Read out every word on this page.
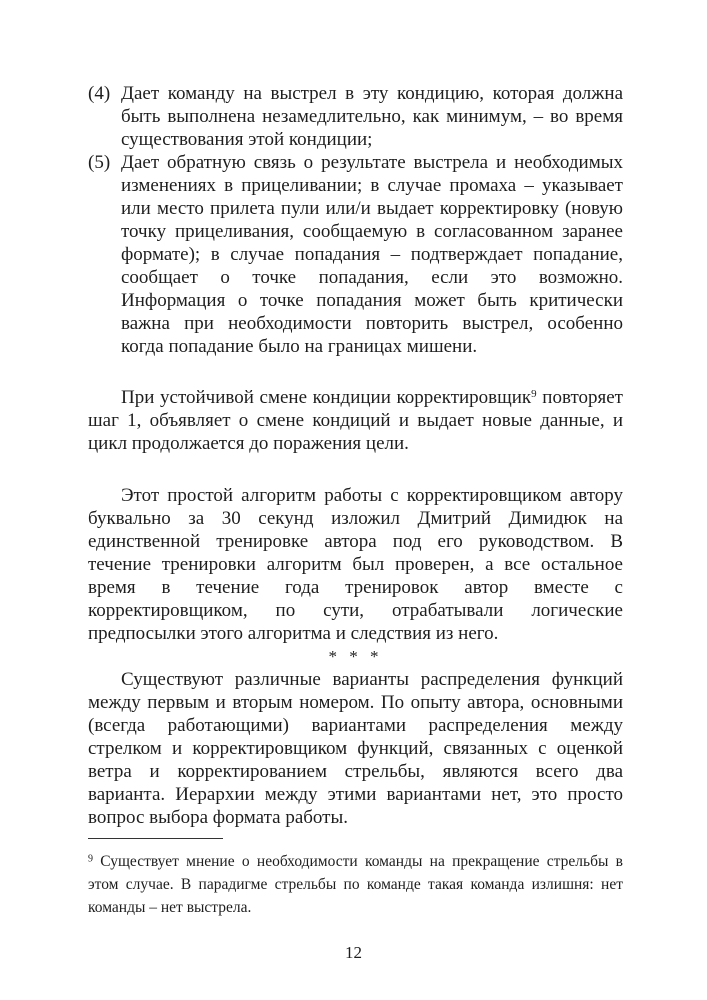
(4) Дает команду на выстрел в эту кондицию, которая должна быть выполнена незамедлительно, как минимум, – во время существования этой кондиции;
(5) Дает обратную связь о результате выстрела и необходимых изменениях в прицеливании; в случае промаха – указывает или место прилета пули или/и выдает корректировку (новую точку прицеливания, сообщаемую в согласованном заранее формате); в случае попадания – подтверждает попадание, сообщает о точке попадания, если это возможно. Информация о точке попадания может быть критически важна при необходимости повторить выстрел, особенно когда попадание было на границах мишени.

При устойчивой смене кондиции корректировщик$^9$ повторяет шаг 1, объявляет о смене кондиций и выдает новые данные, и цикл продолжается до поражения цели.

Этот простой алгоритм работы с корректировщиком автору буквально за 30 секунд изложил Дмитрий Димидюк на единственной тренировке автора под его руководством. В течение тренировки алгоритм был проверен, а все остальное время в течение года тренировок автор вместе с корректировщиком, по сути, отрабатывали логические предпосылки этого алгоритма и следствия из него.

* * *

Существуют различные варианты распределения функций между первым и вторым номером. По опыту автора, основными (всегда работающими) вариантами распределения между стрелком и корректировщиком функций, связанных с оценкой ветра и корректированием стрельбы, являются всего два варианта. Иерархии между этими вариантами нет, это просто вопрос выбора формата работы.

$^9$ Существует мнение о необходимости команды на прекращение стрельбы в этом случае. В парадигме стрельбы по команде такая команда излишня: нет команды – нет выстрела.
12
